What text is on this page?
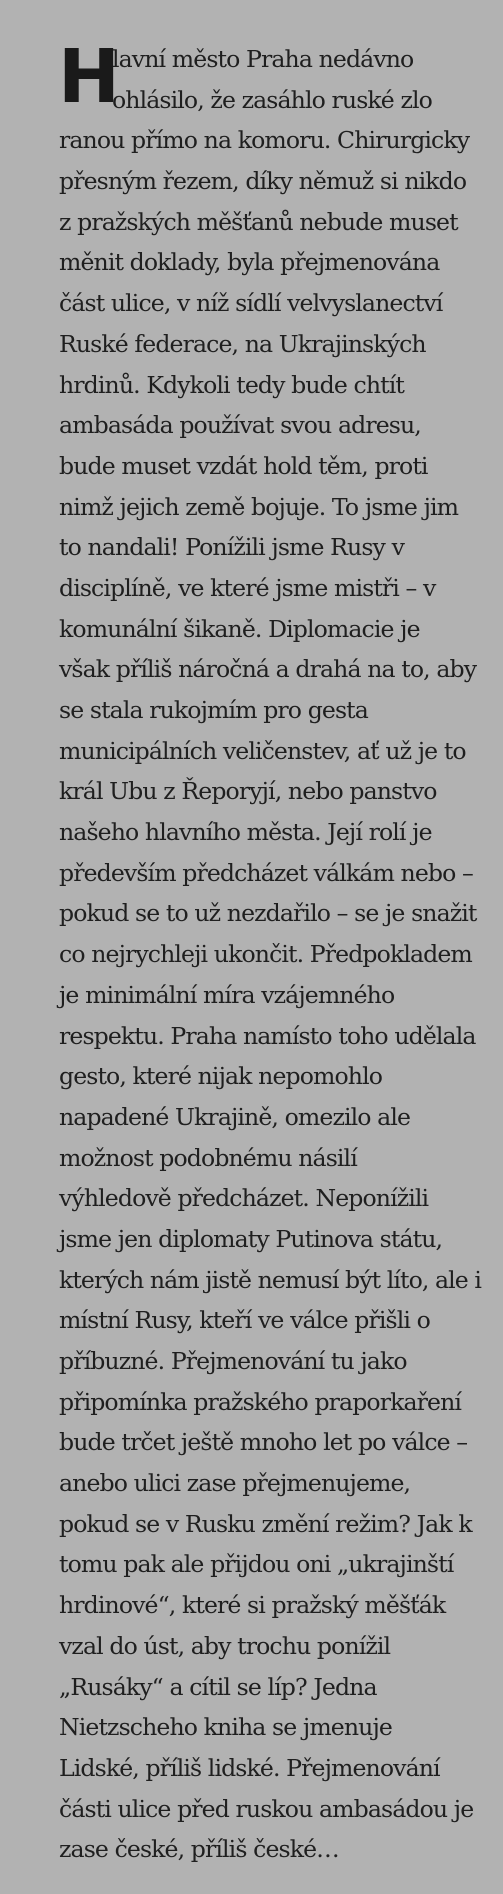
H
lavní město Praha nedávno
ohlásilo, že zasáhlo ruské zlo
ranou přímo na komoru. Chirurgicky
přesným řezem, díky němuž si nikdo
z pražských měšťanů nebude muset
měnit doklady, byla přejmenována
část ulice, v níž sídlí velvyslanectví
Ruské federace, na Ukrajinských
hrdinů. Kdykoli tedy bude chtít
ambasáda používat svou adresu,
bude muset vzdát hold těm, proti
nimž jejich země bojuje. To jsme jim
to nandali! Ponížili jsme Rusy v
disciplíně, ve které jsme mistři – v
komunální šikaně. Diplomacie je
však příliš náročná a drahá na to, aby
se stala rukojmím pro gesta
municipálních veličenstev, ať už je to
král Ubu z Řeporyjí, nebo panstvo
našeho hlavního města. Její rolí je
především předcházet válkám nebo –
pokud se to už nezdařilo – se je snažit
co nejrychleji ukončit. Předpokladem
je minimální míra vzájemného
respektu. Praha namísto toho udělala
gesto, které nijak nepomohlo
napadené Ukrajině, omezilo ale
možnost podobnému násilí
výhledově předcházet. Neponížili
jsme jen diplomaty Putinova státu,
kterých nám jistě nemusí být líto, ale i
místní Rusy, kteří ve válce přišli o
příbuzné. Přejmenování tu jako
připomínka pražského praporkaření
bude trčet ještě mnoho let po válce –
anebo ulici zase přejmenujeme,
pokud se v Rusku změní režim? Jak k
tomu pak ale přijdou oni „ukrajinští
hrdinové“, které si pražský měšťák
vzal do úst, aby trochu ponížil
„Rusáky“ a cítil se líp? Jedna
Nietzscheho kniha se jmenuje
Lidské, příliš lidské. Přejmenování
části ulice před ruskou ambasádou je
zase české, příliš české…
